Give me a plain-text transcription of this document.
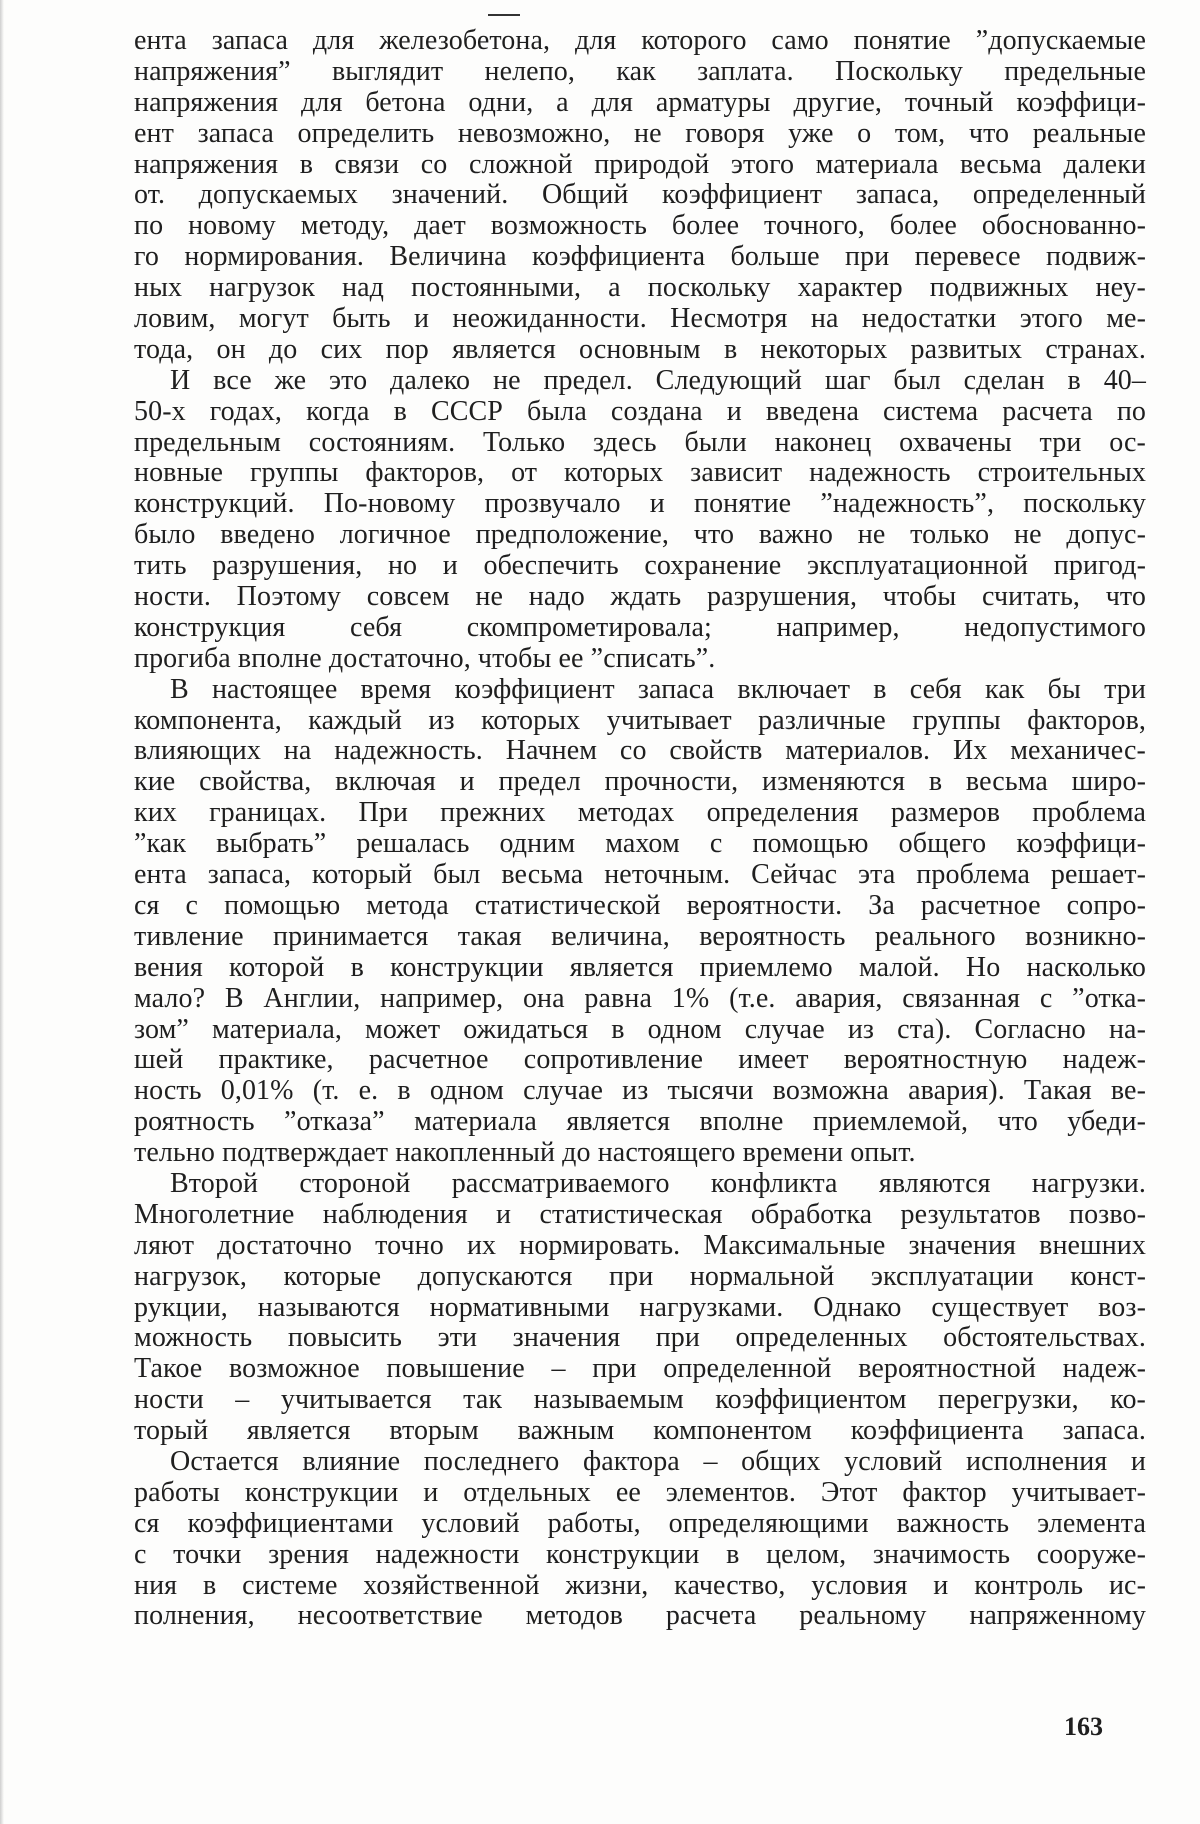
ента запаса для железобетона, для которого само понятие ”допускаемые
напряжения” выглядит нелепо, как заплата. Поскольку предельные
напряжения для бетона одни, а для арматуры другие, точный коэффици-
ент запаса определить невозможно, не говоря уже о том, что реальные
напряжения в связи со сложной природой этого материала весьма далеки
от. допускаемых значений. Общий коэффициент запаса, определенный
по новому методу, дает возможность более точного, более обоснованно-
го нормирования. Величина коэффициента больше при перевесе подвиж-
ных нагрузок над постоянными, а поскольку характер подвижных неу-
ловим, могут быть и неожиданности. Несмотря на недостатки этого ме-
тода, он до сих пор является основным в некоторых развитых странах.
И все же это далеко не предел. Следующий шаг был сделан в 40–
50-х годах, когда в СССР была создана и введена система расчета по
предельным состояниям. Только здесь были наконец охвачены три ос-
новные группы факторов, от которых зависит надежность строительных
конструкций. По-новому прозвучало и понятие ”надежность”, поскольку
было введено логичное предположение, что важно не только не допус-
тить разрушения, но и обеспечить сохранение эксплуатационной пригод-
ности. Поэтому совсем не надо ждать разрушения, чтобы считать, что
конструкция себя скомпрометировала; например, недопустимого
прогиба вполне достаточно, чтобы ее ”списать”.
В настоящее время коэффициент запаса включает в себя как бы три
компонента, каждый из которых учитывает различные группы факторов,
влияющих на надежность. Начнем со свойств материалов. Их механичес-
кие свойства, включая и предел прочности, изменяются в весьма широ-
ких границах. При прежних методах определения размеров проблема
”как выбрать” решалась одним махом с помощью общего коэффици-
ента запаса, который был весьма неточным. Сейчас эта проблема решает-
ся с помощью метода статистической вероятности. За расчетное сопро-
тивление принимается такая величина, вероятность реального возникно-
вения которой в конструкции является приемлемо малой. Но насколько
мало? В Англии, например, она равна 1% (т.е. авария, связанная с ”отка-
зом” материала, может ожидаться в одном случае из ста). Согласно на-
шей практике, расчетное сопротивление имеет вероятностную надеж-
ность 0,01% (т. е. в одном случае из тысячи возможна авария). Такая ве-
роятность ”отказа” материала является вполне приемлемой, что убеди-
тельно подтверждает накопленный до настоящего времени опыт.
Второй стороной рассматриваемого конфликта являются нагрузки.
Многолетние наблюдения и статистическая обработка результатов позво-
ляют достаточно точно их нормировать. Максимальные значения внешних
нагрузок, которые допускаются при нормальной эксплуатации конст-
рукции, называются нормативными нагрузками. Однако существует воз-
можность повысить эти значения при определенных обстоятельствах.
Такое возможное повышение – при определенной вероятностной надеж-
ности – учитывается так называемым коэффициентом перегрузки, ко-
торый является вторым важным компонентом коэффициента запаса.
Остается влияние последнего фактора – общих условий исполнения и
работы конструкции и отдельных ее элементов. Этот фактор учитывает-
ся коэффициентами условий работы, определяющими важность элемента
с точки зрения надежности конструкции в целом, значимость сооруже-
ния в системе хозяйственной жизни, качество, условия и контроль ис-
полнения, несоответствие методов расчета реальному напряженному
163
